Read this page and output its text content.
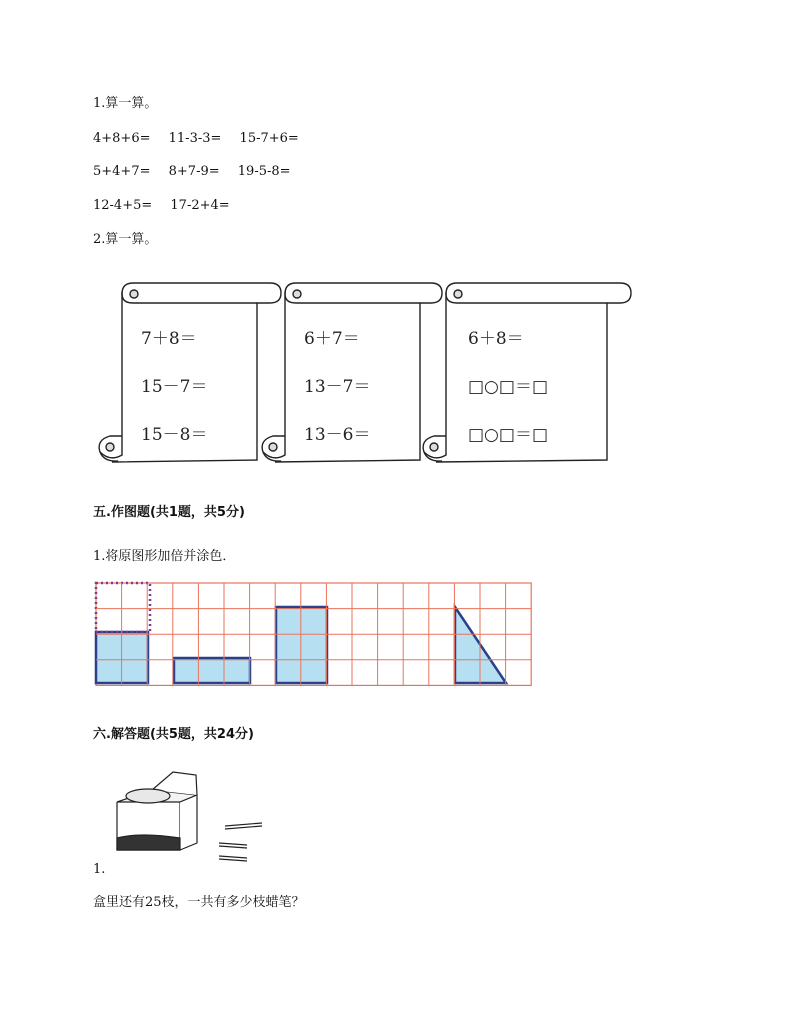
1.算一算。
4+8+6= 11-3-3= 15-7+6=
5+4+7= 8+7-9= 19-5-8=
12-4+5= 17-2+4=
2.算一算。
7＋8＝
15－7＝
15－8＝
6＋7＝
13－7＝
13－6＝
6＋8＝
□○□＝□
□○□＝□
五.作图题(共1题，共5分)
1.将原图形加倍并涂色．
六.解答题(共5题，共24分)
1.
盒里还有25枝，一共有多少枝蜡笔？
